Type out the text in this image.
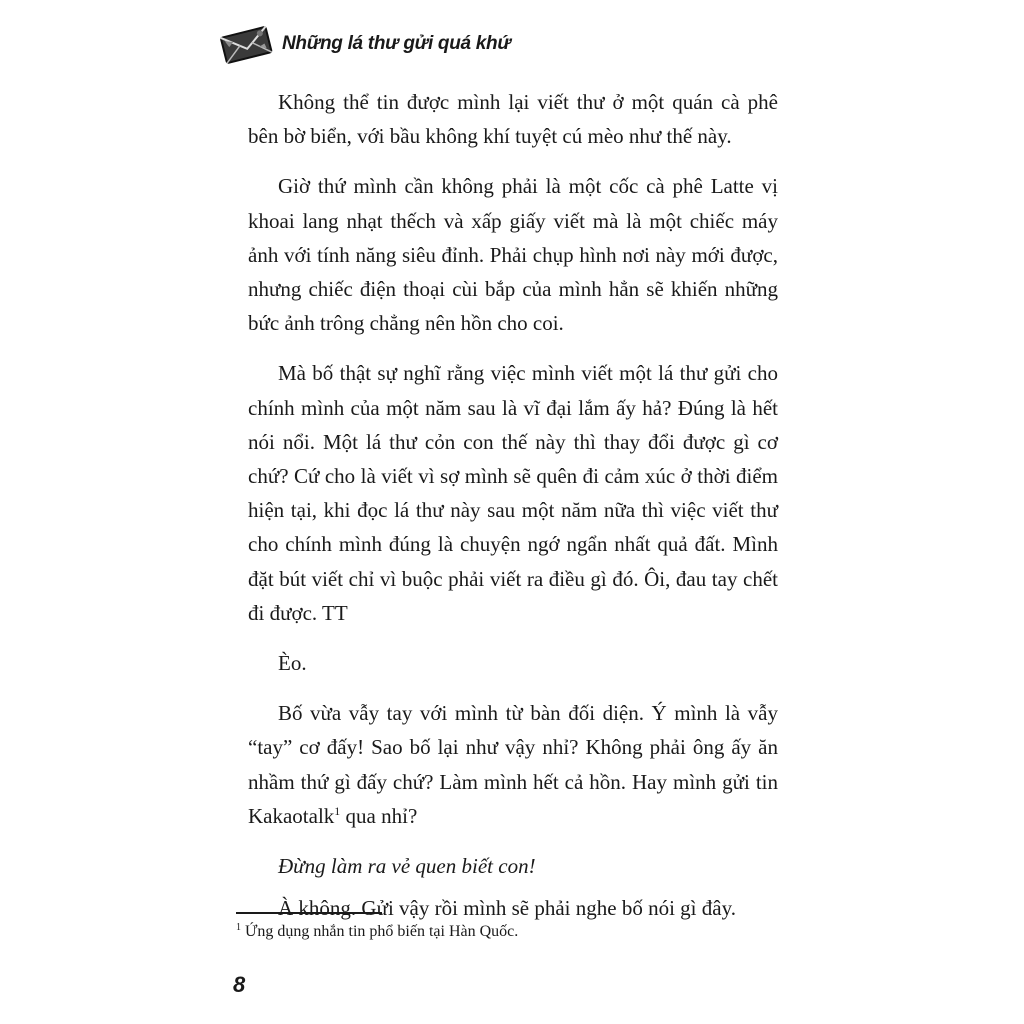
Những lá thư gửi quá khứ

Không thể tin được mình lại viết thư ở một quán cà phê bên bờ biển, với bầu không khí tuyệt cú mèo như thế này.

Giờ thứ mình cần không phải là một cốc cà phê Latte vị khoai lang nhạt thếch và xấp giấy viết mà là một chiếc máy ảnh với tính năng siêu đỉnh. Phải chụp hình nơi này mới được, nhưng chiếc điện thoại cùi bắp của mình hẳn sẽ khiến những bức ảnh trông chẳng nên hồn cho coi.

Mà bố thật sự nghĩ rằng việc mình viết một lá thư gửi cho chính mình của một năm sau là vĩ đại lắm ấy hả? Đúng là hết nói nổi. Một lá thư cỏn con thế này thì thay đổi được gì cơ chứ? Cứ cho là viết vì sợ mình sẽ quên đi cảm xúc ở thời điểm hiện tại, khi đọc lá thư này sau một năm nữa thì việc viết thư cho chính mình đúng là chuyện ngớ ngẩn nhất quả đất. Mình đặt bút viết chỉ vì buộc phải viết ra điều gì đó. Ôi, đau tay chết đi được. TT

Èo.

Bố vừa vẫy tay với mình từ bàn đối diện. Ý mình là vẫy “tay” cơ đấy! Sao bố lại như vậy nhỉ? Không phải ông ấy ăn nhầm thứ gì đấy chứ? Làm mình hết cả hồn. Hay mình gửi tin Kakaotalk$^1$ qua nhỉ?

Đừng làm ra vẻ quen biết con!

À không. Gửi vậy rồi mình sẽ phải nghe bố nói gì đây.

$^1$ Ứng dụng nhắn tin phổ biến tại Hàn Quốc.
8
